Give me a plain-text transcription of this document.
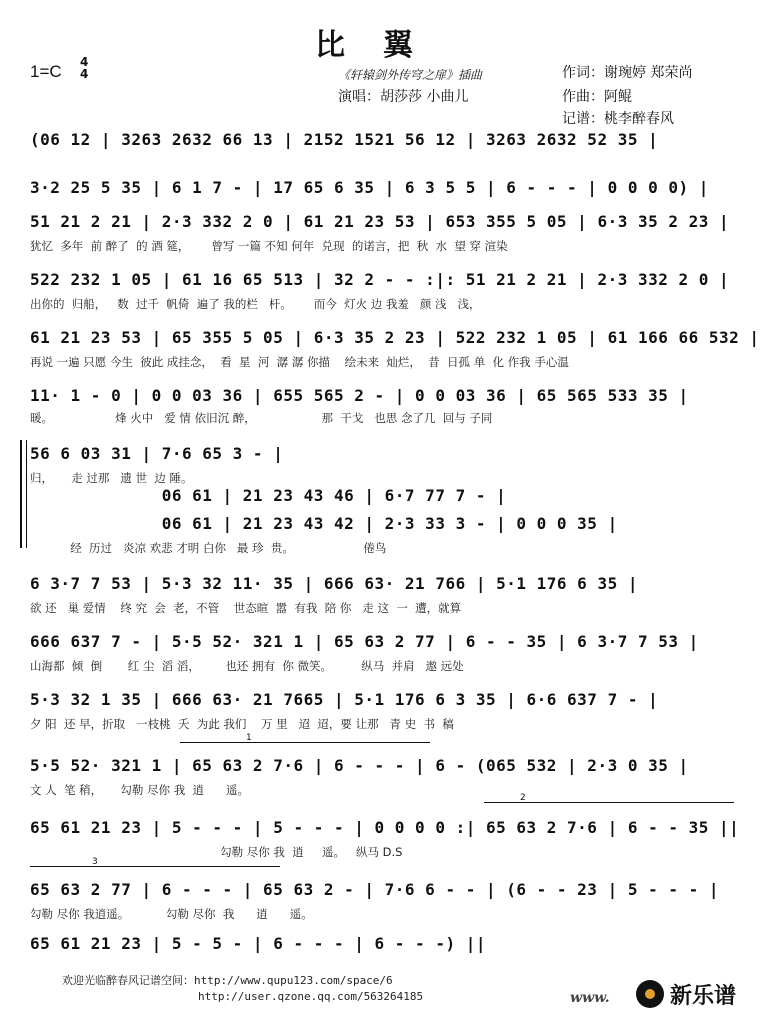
比翼
1=C 4
4	《轩辕剑外传穹之扉》插曲
演唱：胡莎莎 小曲儿
作词：谢琬婷 郑荣尚
作曲：阿鲲
记谱：桃李醉春风
(06 12 | 3263 2632 66 13 | 2152 1521 56 12 | 3263 2632 52 35 |
3·2 25 5 35 | 6 1 7 - | 17 65 6 35 | 6 3 5 5 | 6 - - - | 0 0 0 0) |
51 21 2 21 | 2·3 332 2 0 | 61 21 23 53 | 653 355 5 05 | 6·3 35 2 23 |
犹忆  多年  前 醉了  的 酒 筵，      曾写 一篇 不知 何年  兑现  的诺言，把  秋  水  望 穿 渲染
522 232 1 05 | 61 16 65 513 | 32 2 - - :|: 51 21 2 21 | 2·3 332 2 0 |
出你的  归船，   数  过千  帆倚  遍了 我的栏   杆。      而今  灯火 边 我羞   颜 浅   浅，
61 21 23 53 | 65 355 5 05 | 6·3 35 2 23 | 522 232 1 05 | 61 166 66 532 |
再说 一遍 只愿 今生  彼此 成挂念，  看  星  河  潺 潺 你描    绘未来  灿烂，  昔  日孤 单  化 作我 手心温
11· 1 - 0 | 0 0 03 36 | 655 565 2 - | 0 0 03 36 | 65 565 533 35 |
暖。                 烽 火中   爱 情 依旧沉 醉，                  那  干戈   也思 念了几  回与 子同
56 6 03 31 | 7·6 65 3 - |
归，     走 过那   遗 世  边 陲。
06 61 | 21 23 43 46 | 6·7 77 7 - |
06 61 | 21 23 43 42 | 2·3 33 3 - | 0 0 0 35 |
经  历过   炎凉 欢悲 才明 白你   最 珍  贵。                   倦鸟
6 3·7 7 53 | 5·3 32 11· 35 | 666 63· 21 766 | 5·1 176 6 35 |
欲 还   巢 爱情    终 究  会  老，不管    世态暄  嚣  有我  陪 你   走 这  一  遭，就算
666 637 7 - | 5·5 52· 321 1 | 65 63 2 77 | 6 - - 35 | 6 3·7 7 53 |
山海都  倾  倒       红 尘  滔 滔，       也还 拥有  你 微笑。        纵马  并肩   遨 远处
5·3 32 1 35 | 666 63· 21 7665 | 5·1 176 6 3 35 | 6·6 637 7 - |
夕 阳  还 早，折取   一枝桃  夭  为此 我们    万 里   迢  迢，要 让那   青 史  书  稿
1
5·5 52· 321 1 | 65 63 2 7·6 | 6 - - - | 6 - (065 532 | 2·3 0 35 |
文 人  笔 稍，     勾勒 尽你 我  逍      遥。
2
65 61 21 23 | 5 - - - | 5 - - - | 0 0 0 0 :| 65 63 2 7·6 | 6 - - 35 ||
勾勒 尽你 我  逍     遥。   纵马 D.S
3
65 63 2 77 | 6 - - - | 65 63 2 - | 7·6 6 - - | (6 - - 23 | 5 - - - |
勾勒 尽你 我逍遥。          勾勒 尽你  我      逍      遥。
65 61 21 23 | 5 - 5 - | 6 - - - | 6 - - -) ||
欢迎光临醉春风记谱空间：http://www.qupu123.com/space/6
http://user.qzone.qq.com/563264185	www.	新乐谱
